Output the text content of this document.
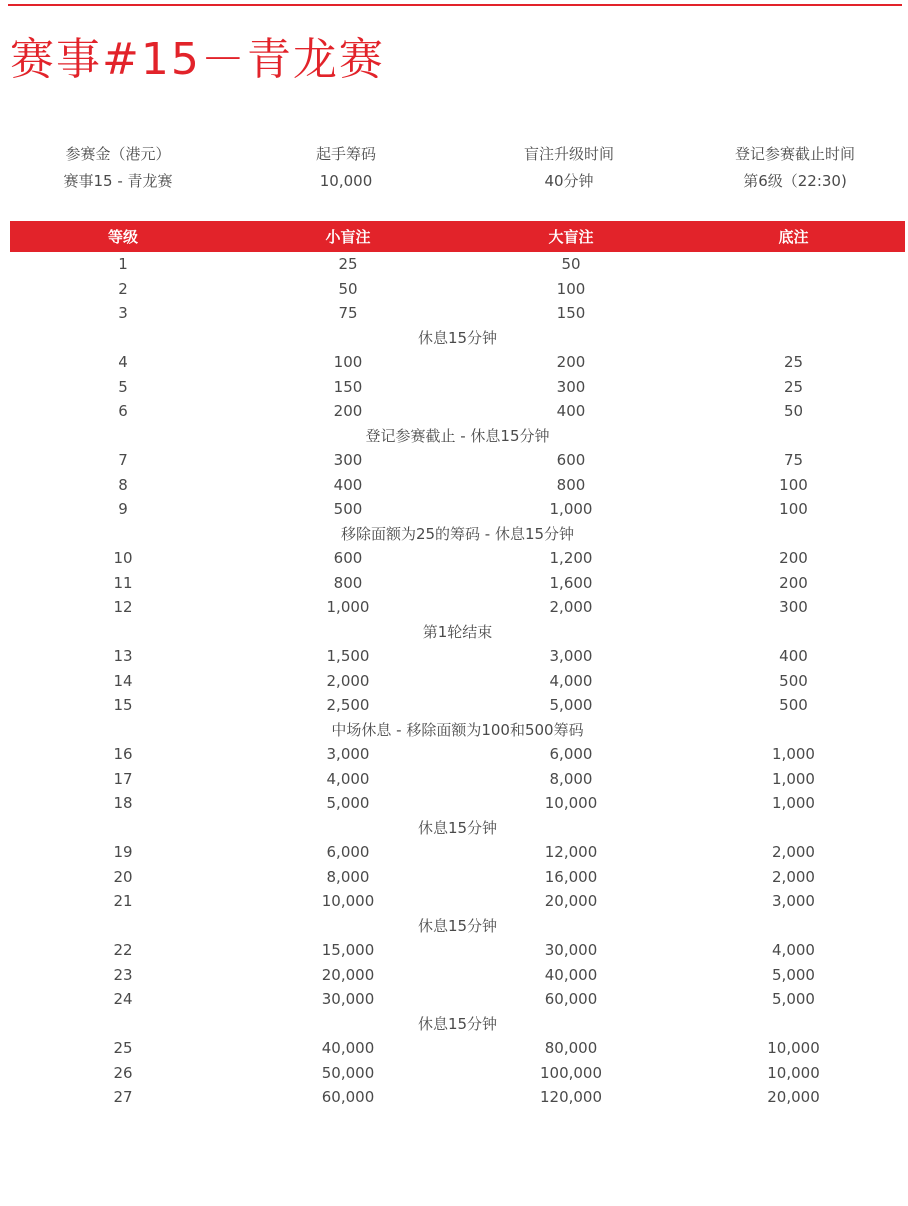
赛事#15－青龙赛
参赛金（港元）	起手筹码	盲注升级时间	登记参赛截止时间
赛事15 - 青龙赛	10,000	40分钟	第6级（22:30)
等级	小盲注	大盲注	底注
1	25	50
2	50	100
3	75	150
休息15分钟
4	100	200	25
5	150	300	25
6	200	400	50
登记参赛截止 - 休息15分钟
7	300	600	75
8	400	800	100
9	500	1,000	100
移除面额为25的筹码 - 休息15分钟
10	600	1,200	200
11	800	1,600	200
12	1,000	2,000	300
第1轮结束
13	1,500	3,000	400
14	2,000	4,000	500
15	2,500	5,000	500
中场休息 - 移除面额为100和500筹码
16	3,000	6,000	1,000
17	4,000	8,000	1,000
18	5,000	10,000	1,000
休息15分钟
19	6,000	12,000	2,000
20	8,000	16,000	2,000
21	10,000	20,000	3,000
休息15分钟
22	15,000	30,000	4,000
23	20,000	40,000	5,000
24	30,000	60,000	5,000
休息15分钟
25	40,000	80,000	10,000
26	50,000	100,000	10,000
27	60,000	120,000	20,000
